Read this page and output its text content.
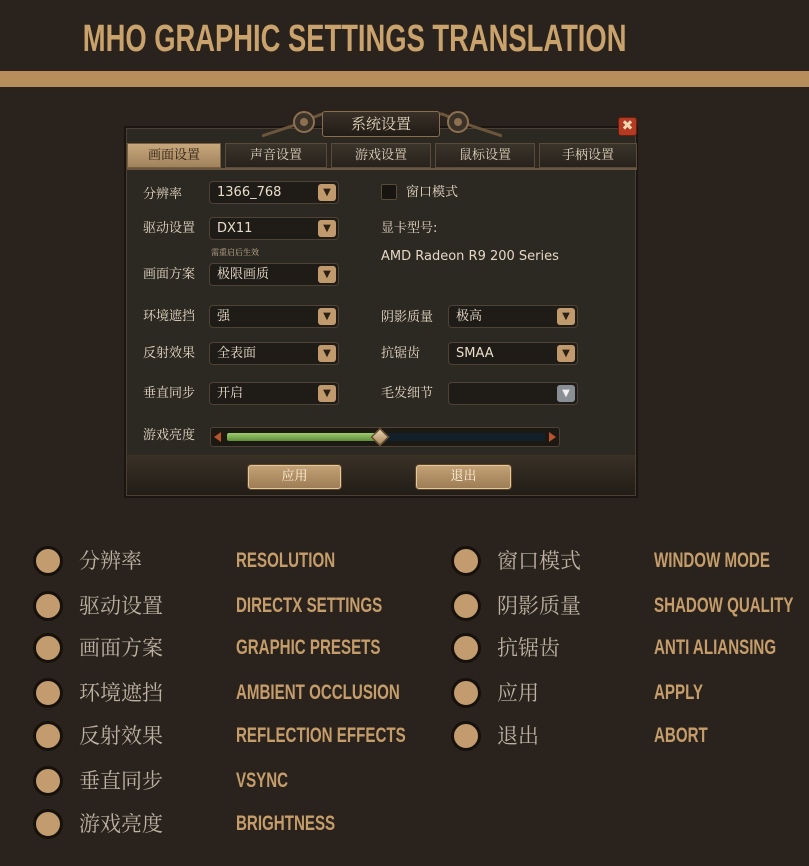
MHO GRAPHIC SETTINGS TRANSLATION
系统设置	✖
画面设置	声音设置	游戏设置	鼠标设置	手柄设置
分辨率	1366_768	▼	窗口模式
驱动设置	DX11	▼
需重启后生效
显卡型号:
AMD Radeon R9 200 Series
画面方案	极限画质	▼
环境遮挡	强	▼	阴影质量	极高	▼
反射效果	全表面	▼	抗锯齿	SMAA	▼
垂直同步	开启	▼	毛发细节	▼
游戏亮度
应用	退出
分辨率	RESOLUTION
驱动设置	DIRECTX SETTINGS
画面方案	GRAPHIC PRESETS
环境遮挡	AMBIENT OCCLUSION
反射效果	REFLECTION EFFECTS
垂直同步	VSYNC
游戏亮度	BRIGHTNESS
窗口模式	WINDOW MODE
阴影质量	SHADOW QUALITY
抗锯齿	ANTI ALIANSING
应用	APPLY
退出	ABORT
